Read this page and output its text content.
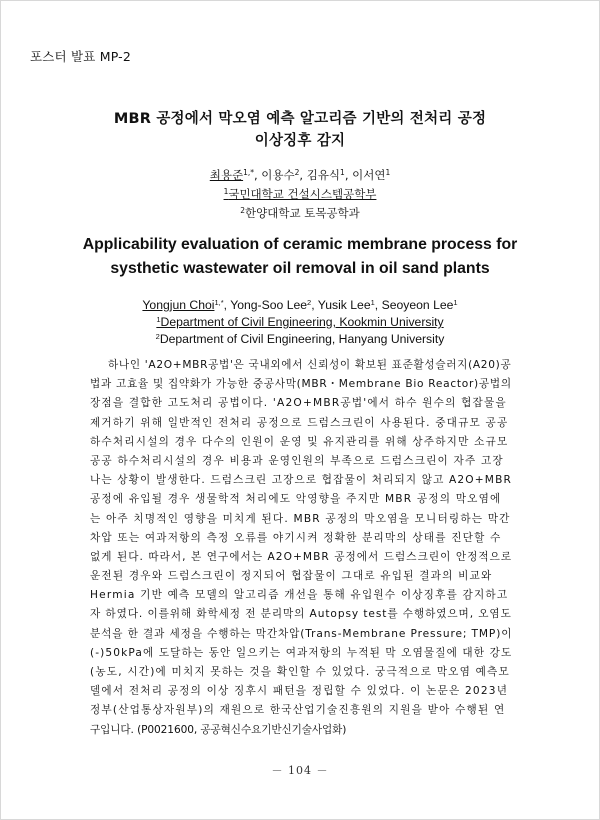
포스터 발표 MP-2
MBR 공정에서 막오염 예측 알고리즘 기반의 전처리 공정
이상징후 감지
최용준$^{1,*}$, 이용수$^2$, 김유식$^1$, 이서연$^1$
$^1$국민대학교 건설시스템공학부
$^2$한양대학교 토목공학과
Applicability evaluation of ceramic membrane process for
systhetic wastewater oil removal in oil sand plants
Yongjun Choi$^{1,*}$, Yong-Soo Lee$^2$, Yusik Lee$^1$, Seoyeon Lee$^1$
$^1$Department of Civil Engineering, Kookmin University
$^2$Department of Civil Engineering, Hanyang University
하나인 'A2O+MBR공법'은 국내외에서 신뢰성이 확보된 표준활성슬러지(A20)공
법과 고효율 및 집약화가 가능한 중공사막(MBR・Membrane Bio Reactor)공법의
장점을 결합한 고도처리 공법이다. 'A2O+MBR공법'에서 하수 원수의 협잡물을
제거하기 위해 일반적인 전처리 공정으로 드럼스크린이 사용된다. 중대규모 공공
하수처리시설의 경우 다수의 인원이 운영 및 유지관리를 위해 상주하지만 소규모
공공 하수처리시설의 경우 비용과 운영인원의 부족으로 드럼스크린이 자주 고장
나는 상황이 발생한다. 드럼스크린 고장으로 협잡물이 처리되지 않고 A2O+MBR
공정에 유입될 경우 생물학적 처리에도 악영향을 주지만 MBR 공정의 막오염에
는 아주 치명적인 영향을 미치게 된다. MBR 공정의 막오염을 모니터링하는 막간
차압 또는 여과저항의 측정 오류를 야기시켜 정확한 분리막의 상태를 진단할 수
없게 된다. 따라서, 본 연구에서는 A2O+MBR 공정에서 드럼스크린이 안정적으로
운전된 경우와 드럼스크린이 정지되어 협잡물이 그대로 유입된 결과의 비교와
Hermia 기반 예측 모델의 알고리즘 개선을 통해 유입원수 이상징후를 감지하고
자 하였다. 이를위해 화학세정 전 분리막의 Autopsy test를 수행하였으며, 오염도
분석을 한 결과 세정을 수행하는 막간차압(Trans-Membrane Pressure; TMP)이
(-)50kPa에 도달하는 동안 일으키는 여과저항의 누적된 막 오염물질에 대한 강도
(농도, 시간)에 미치지 못하는 것을 확인할 수 있었다. 궁극적으로 막오염 예측모
델에서 전처리 공정의 이상 징후시 패턴을 정립할 수 있었다. 이 논문은 2023년
정부(산업통상자원부)의 재원으로 한국산업기술진흥원의 지원을 받아 수행된 연
구입니다. (P0021600, 공공혁신수요기반신기술사업화)
－ 104 －
